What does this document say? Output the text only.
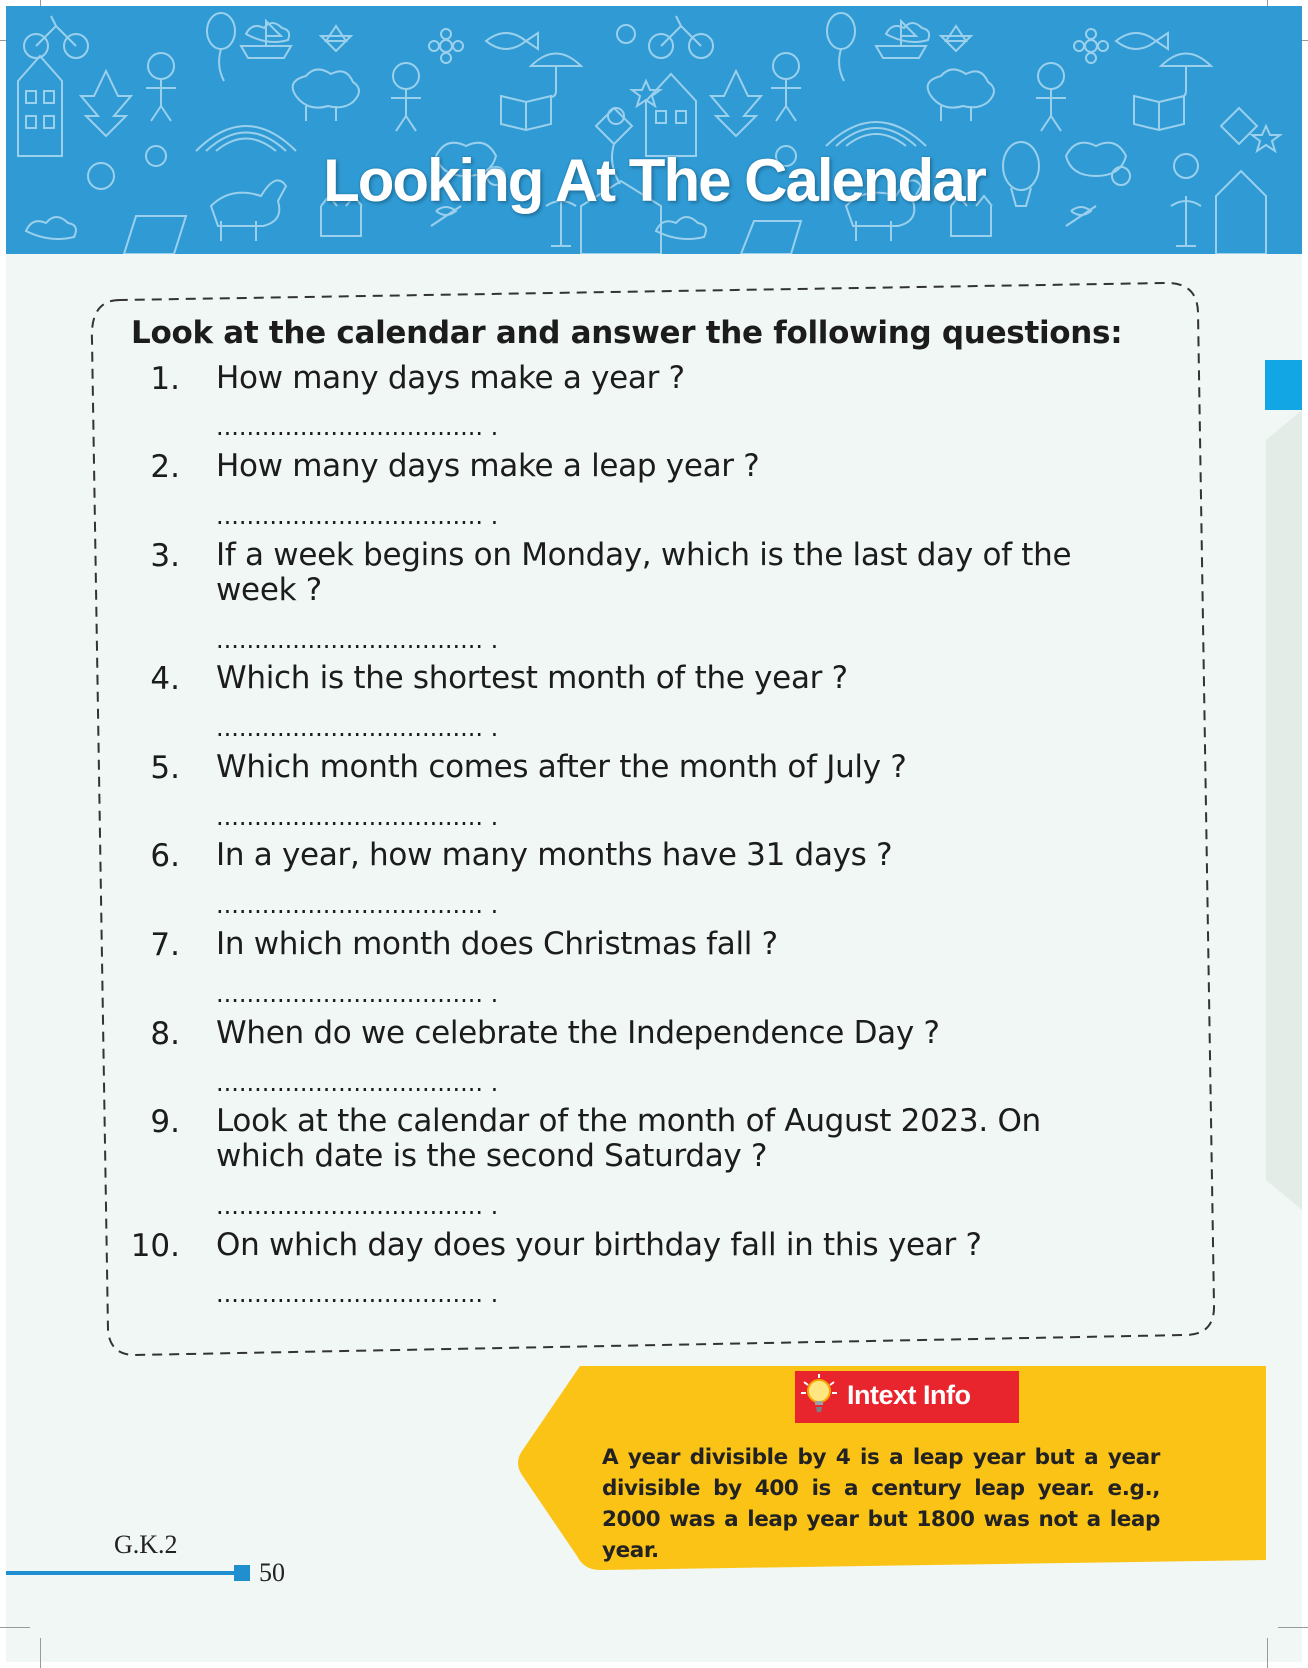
Looking At The Calendar
Look at the calendar and answer the following questions:
1. How many days make a year ?
................................... .
2. How many days make a leap year ?
................................... .
3. If a week begins on Monday, which is the last day of the week ?
................................... .
4. Which is the shortest month of the year ?
................................... .
5. Which month comes after the month of July ?
................................... .
6. In a year, how many months have 31 days ?
................................... .
7. In which month does Christmas fall ?
................................... .
8. When do we celebrate the Independence Day ?
................................... .
9. Look at the calendar of the month of August 2023. On which date is the second Saturday ?
................................... .
10. On which day does your birthday fall in this year ?
................................... .
Intext Info
A year divisible by 4 is a leap year but a year divisible by 400 is a century leap year. e.g., 2000 was a leap year but 1800 was not a leap year.
G.K.2
50
